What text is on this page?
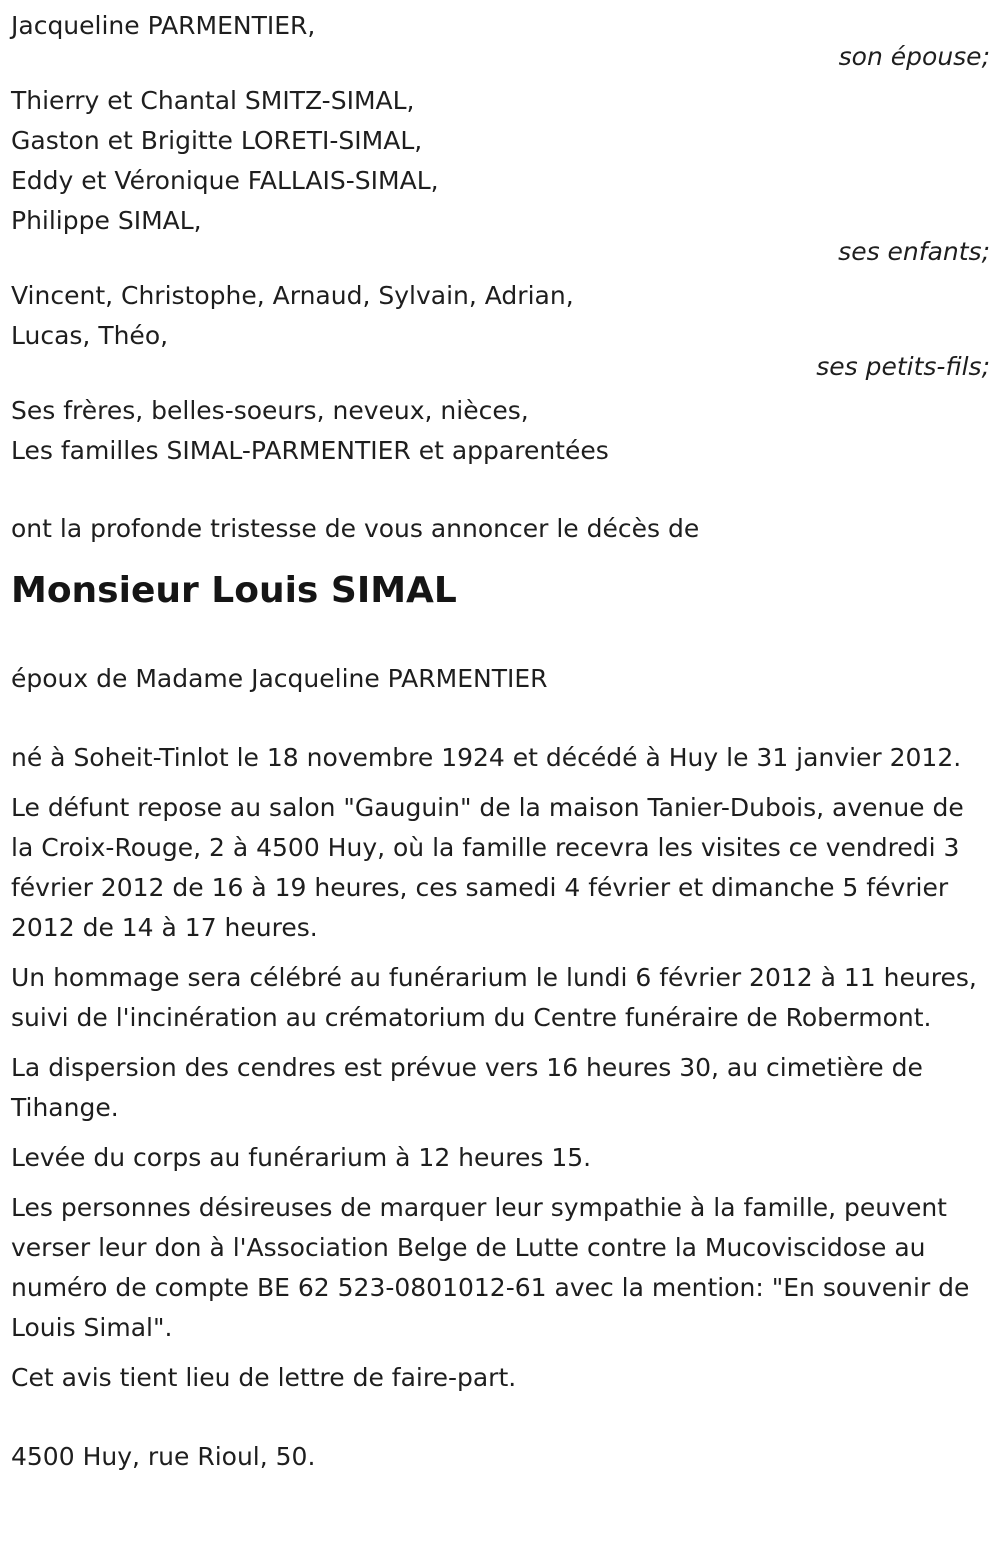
Jacqueline PARMENTIER,
son épouse;
Thierry et Chantal SMITZ-SIMAL,
Gaston et Brigitte LORETI-SIMAL,
Eddy et Véronique FALLAIS-SIMAL,
Philippe SIMAL,
ses enfants;
Vincent, Christophe, Arnaud, Sylvain, Adrian,
Lucas, Théo,
ses petits-fils;
Ses frères, belles-soeurs, neveux, nièces,
Les familles SIMAL-PARMENTIER et apparentées
ont la profonde tristesse de vous annoncer le décès de
Monsieur Louis SIMAL
époux de Madame Jacqueline PARMENTIER

né à Soheit-Tinlot le 18 novembre 1924 et décédé à Huy le 31 janvier 2012.

Le défunt repose au salon "Gauguin" de la maison Tanier-Dubois, avenue de la Croix-Rouge, 2 à 4500 Huy, où la famille recevra les visites ce vendredi 3 février 2012 de 16 à 19 heures, ces samedi 4 février et dimanche 5 février 2012 de 14 à 17 heures.

Un hommage sera célébré au funérarium le lundi 6 février 2012 à 11 heures, suivi de l'incinération au crématorium du Centre funéraire de Robermont.

La dispersion des cendres est prévue vers 16 heures 30, au cimetière de Tihange.

Levée du corps au funérarium à 12 heures 15.

Les personnes désireuses de marquer leur sympathie à la famille, peuvent verser leur don à l'Association Belge de Lutte contre la Mucoviscidose au numéro de compte BE 62 523-0801012-61 avec la mention: "En souvenir de Louis Simal".

Cet avis tient lieu de lettre de faire-part.

4500 Huy, rue Rioul, 50.
